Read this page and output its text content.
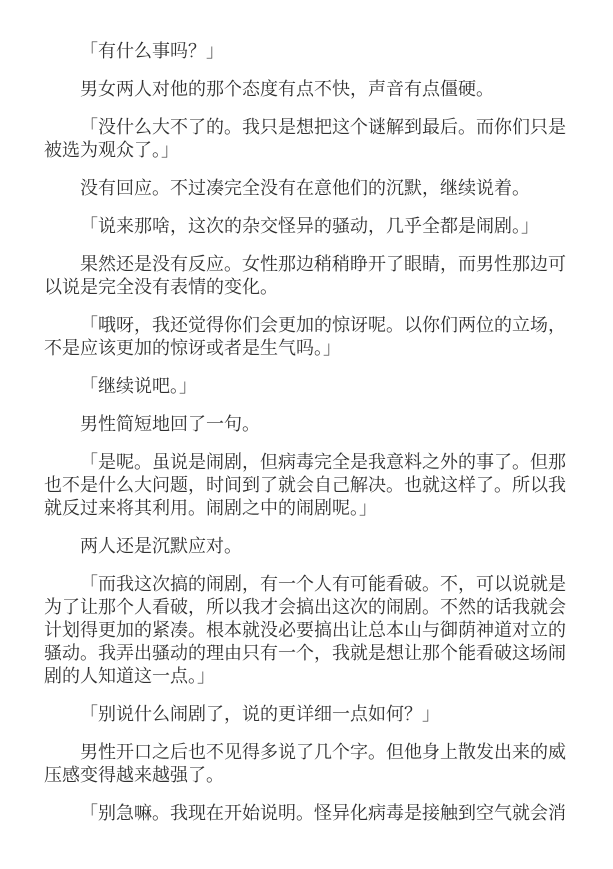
「有什么事吗？」

男女两人对他的那个态度有点不快，声音有点僵硬。

「没什么大不了的。我只是想把这个谜解到最后。而你们只是被选为观众了。」

没有回应。不过凑完全没有在意他们的沉默，继续说着。

「说来那啥，这次的杂交怪异的骚动，几乎全都是闹剧。」

果然还是没有反应。女性那边稍稍睁开了眼睛，而男性那边可以说是完全没有表情的变化。

「哦呀，我还觉得你们会更加的惊讶呢。以你们两位的立场，不是应该更加的惊讶或者是生气吗。」

「继续说吧。」

男性简短地回了一句。

「是呢。虽说是闹剧，但病毒完全是我意料之外的事了。但那也不是什么大问题，时间到了就会自己解决。也就这样了。所以我就反过来将其利用。闹剧之中的闹剧呢。」

两人还是沉默应对。

「而我这次搞的闹剧，有一个人有可能看破。不，可以说就是为了让那个人看破，所以我才会搞出这次的闹剧。不然的话我就会计划得更加的紧凑。根本就没必要搞出让总本山与御荫神道对立的骚动。我弄出骚动的理由只有一个，我就是想让那个能看破这场闹剧的人知道这一点。」

「别说什么闹剧了，说的更详细一点如何？」

男性开口之后也不见得多说了几个字。但他身上散发出来的威压感变得越来越强了。

「别急嘛。我现在开始说明。怪异化病毒是接触到空气就会消
